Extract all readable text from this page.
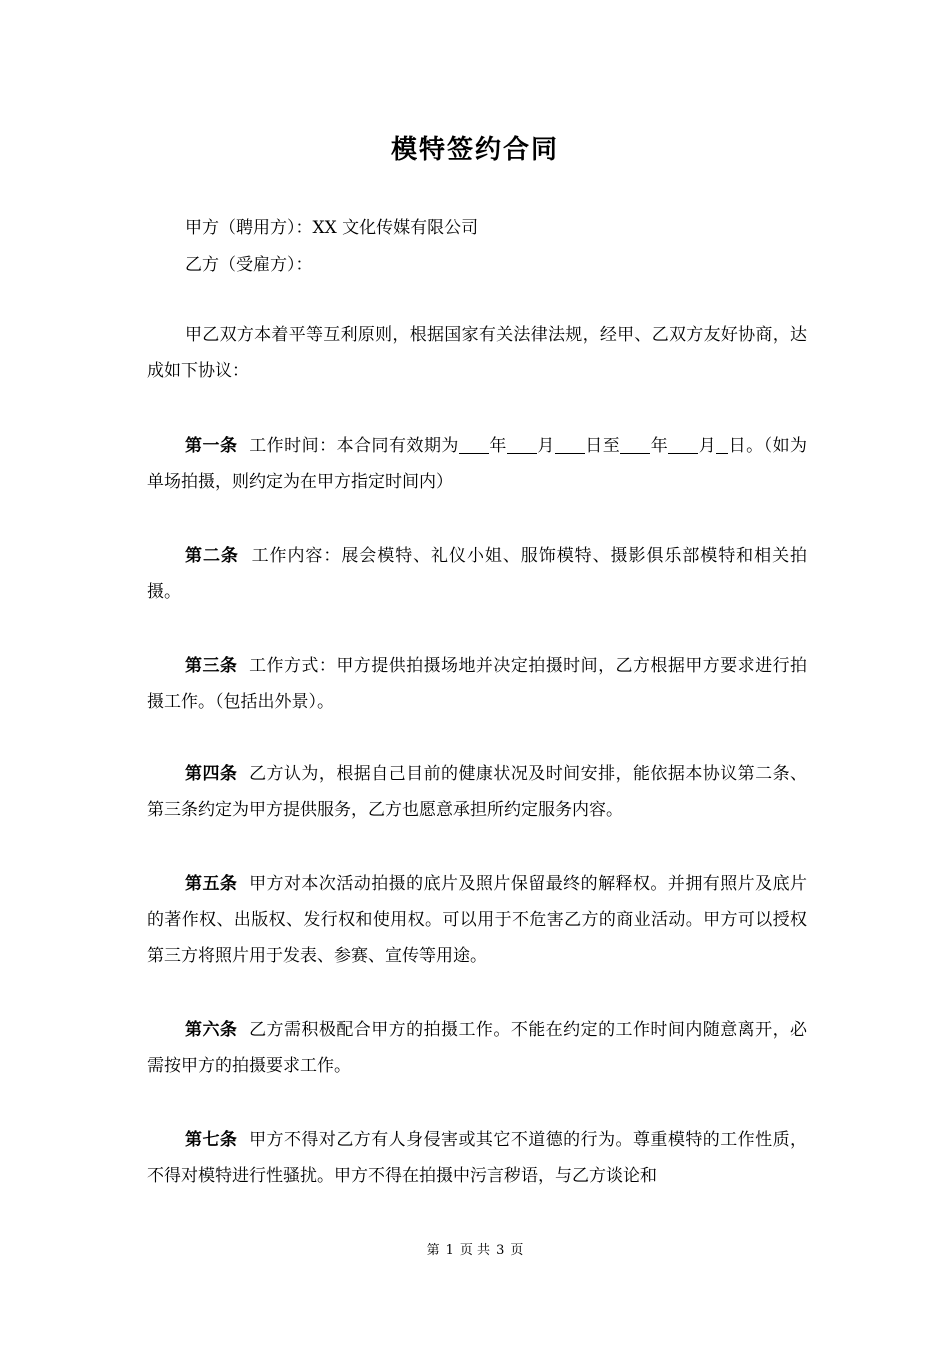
模特签约合同
甲方（聘用方）：XX 文化传媒有限公司
乙方（受雇方）：

甲乙双方本着平等互利原则，根据国家有关法律法规，经甲、乙双方友好协商，达成如下协议：

第一条 工作时间：本合同有效期为 年 月 日至 年 月 日。（如为单场拍摄，则约定为在甲方指定时间内）

第二条 工作内容：展会模特、礼仪小姐、服饰模特、摄影俱乐部模特和相关拍摄。

第三条 工作方式：甲方提供拍摄场地并决定拍摄时间，乙方根据甲方要求进行拍摄工作。（包括出外景）。

第四条 乙方认为，根据自己目前的健康状况及时间安排，能依据本协议第二条、第三条约定为甲方提供服务，乙方也愿意承担所约定服务内容。

第五条 甲方对本次活动拍摄的底片及照片保留最终的解释权。并拥有照片及底片的著作权、出版权、发行权和使用权。可以用于不危害乙方的商业活动。甲方可以授权第三方将照片用于发表、参赛、宣传等用途。

第六条 乙方需积极配合甲方的拍摄工作。不能在约定的工作时间内随意离开，必需按甲方的拍摄要求工作。

第七条 甲方不得对乙方有人身侵害或其它不道德的行为。尊重模特的工作性质，不得对模特进行性骚扰。甲方不得在拍摄中污言秽语，与乙方谈论和

第 1 页 共 3 页
